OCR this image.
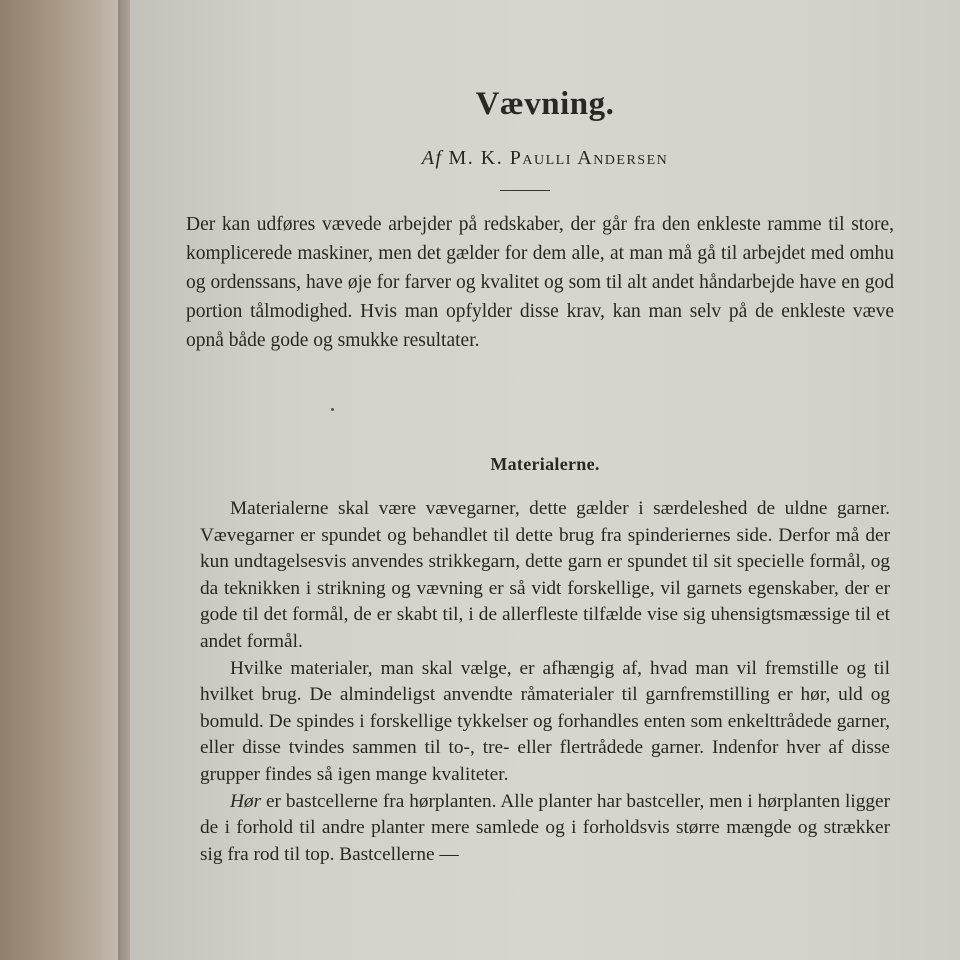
Vævning.

Af M. K. Paulli Andersen

Der kan udføres vævede arbejder på redskaber, der går fra den enkleste ramme til store, komplicerede maskiner, men det gælder for dem alle, at man må gå til arbejdet med omhu og ordenssans, have øje for farver og kvalitet og som til alt andet håndarbejde have en god portion tålmodighed. Hvis man opfylder disse krav, kan man selv på de enkleste væve opnå både gode og smukke resultater.

Materialerne.

Materialerne skal være vævegarner, dette gælder i særdeleshed de uldne garner. Vævegarner er spundet og behandlet til dette brug fra spinderiernes side. Derfor må der kun undtagelsesvis anvendes strikkegarn, dette garn er spundet til sit specielle formål, og da teknikken i strikning og vævning er så vidt forskellige, vil garnets egenskaber, der er gode til det formål, de er skabt til, i de allerfleste tilfælde vise sig uhensigtsmæssige til et andet formål.

Hvilke materialer, man skal vælge, er afhængig af, hvad man vil fremstille og til hvilket brug. De almindeligst anvendte råmaterialer til garnfremstilling er hør, uld og bomuld. De spindes i forskellige tykkelser og forhandles enten som enkelttrådede garner, eller disse tvindes sammen til to-, tre- eller flertrådede garner. Indenfor hver af disse grupper findes så igen mange kvaliteter.

Hør er bastcellerne fra hørplanten. Alle planter har bastceller, men i hørplanten ligger de i forhold til andre planter mere samlede og i forholdsvis større mængde og strækker sig fra rod til top. Bastcellerne —
